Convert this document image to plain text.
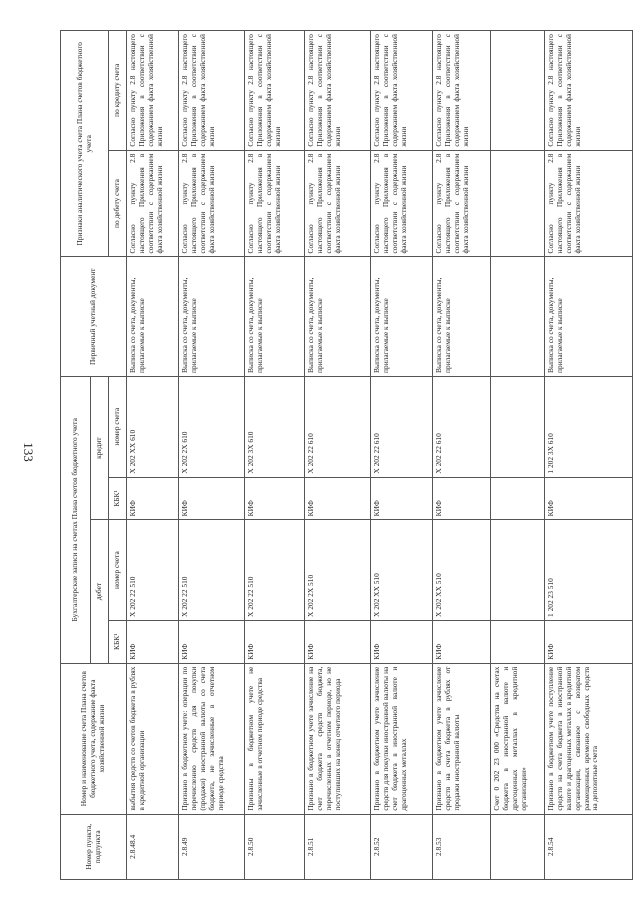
133
Номер пункта, подпункта	Номер и наименование счета Плана счетов бюджетного учета, содержание факта хозяйственной жизни	Бухгалтерские записи на счетах Плана счетов бюджетного учета				Первичный учетный документ	Признаки аналитического учета счета Плана счетов бюджетного учета	
		дебет		кредит				
		КБК¹	номер счета	КБК¹	номер счета		по дебету счета	по кредиту счета
2.8.48.4	выбытия средств со счетов бюджета в рублях в кредитной организации	КИФ	Х 202 22 510	КИФ	Х 202 ХХ 610	Выписка со счета, документы, прилагаемые к выписке	Согласно пункту 2.8 настоящего Приложения в соответствии с содержанием факта хозяйственной жизни	Согласно пункту 2.8 настоящего Приложения в соответствии с содержанием факта хозяйственной жизни
2.8.49	Признано в бюджетном учете: операции по перечислению средств для покупки (продажи) иностранной валюты со счета бюджета, не зачисленные в отчетном периоде средства	КИФ	Х 202 22 510	КИФ	Х 202 2Х 610	Выписка со счета, документы, прилагаемые к выписке	Согласно пункту 2.8 настоящего Приложения в соответствии с содержанием факта хозяйственной жизни	Согласно пункту 2.8 настоящего Приложения в соответствии с содержанием факта хозяйственной жизни
2.8.50	Признаны в бюджетном учете не зачисленные в отчетном периоде средства	КИФ	Х 202 22 510	КИФ	Х 202 3Х 610	Выписка со счета, документы, прилагаемые к выписке	Согласно пункту 2.8 настоящего Приложения в соответствии с содержанием факта хозяйственной жизни	Согласно пункту 2.8 настоящего Приложения в соответствии с содержанием факта хозяйственной жизни
2.8.51	Признано в бюджетном учете зачисление на счет бюджета средств бюджета, перечисленных в отчетном периоде, но не поступивших на конец отчетного периода	КИФ	Х 202 2Х 510	КИФ	Х 202 22 610	Выписка со счета, документы, прилагаемые к выписке	Согласно пункту 2.8 настоящего Приложения в соответствии с содержанием факта хозяйственной жизни	Согласно пункту 2.8 настоящего Приложения в соответствии с содержанием факта хозяйственной жизни
2.8.52	Признано в бюджетном учете зачисление средств для покупки иностранной валюты на счет бюджета в иностранной валюте и драгоценных металлах	КИФ	Х 202 ХХ 510	КИФ	Х 202 22 610	Выписка со счета, документы, прилагаемые к выписке	Согласно пункту 2.8 настоящего Приложения в соответствии с содержанием факта хозяйственной жизни	Согласно пункту 2.8 настоящего Приложения в соответствии с содержанием факта хозяйственной жизни
2.8.53	Признано в бюджетном учете зачисление средств на счета бюджета в рублях от продажи иностранной валюты	КИФ	Х 202 ХХ 510	КИФ	Х 202 22 610	Выписка со счета, документы, прилагаемые к выписке	Согласно пункту 2.8 настоящего Приложения в соответствии с содержанием факта хозяйственной жизни	Согласно пункту 2.8 настоящего Приложения в соответствии с содержанием факта хозяйственной жизни
	Счет 0 202 23 000 «Средства на счетах бюджета в иностранной валюте и драгоценных металлах в кредитной организации»							
2.8.54	Признано в бюджетном учете поступление средств на счета бюджета в иностранной валюте и драгоценных металлах в кредитной организации, связанное с возвратом размещенных временно свободных средств на депозитные счета	КИФ	1 202 23 510	КИФ	1 202 3Х 610	Выписка со счета, документы, прилагаемые к выписке	Согласно пункту 2.8 настоящего Приложения в соответствии с содержанием факта хозяйственной жизни	Согласно пункту 2.8 настоящего Приложения в соответствии с содержанием факта хозяйственной жизни
